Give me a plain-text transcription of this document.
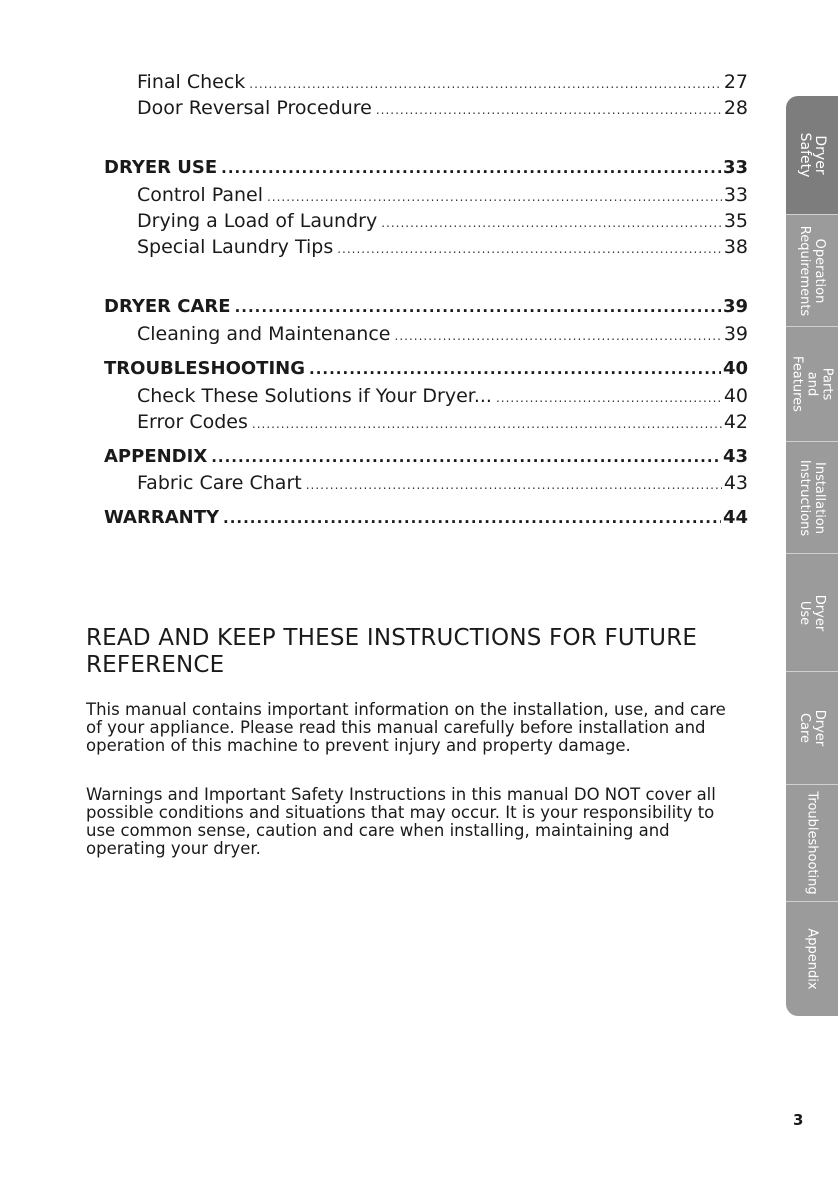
Final Check .....	27
Door Reversal Procedure .....	28
DRYER USE .....	33
Control Panel .....	33
Drying a Load of Laundry .....	35
Special Laundry Tips .....	38
DRYER CARE .....	39
Cleaning and Maintenance .....	39
TROUBLESHOOTING .....	40
Check These Solutions if Your Dryer... .....	40
Error Codes .....	42
APPENDIX .....	43
Fabric Care Chart .....	43
WARRANTY .....	44
READ AND KEEP THESE INSTRUCTIONS FOR FUTURE REFERENCE
This manual contains important information on the installation, use, and care of your appliance. Please read this manual carefully before installation and operation of this machine to prevent injury and property damage.
Warnings and Important Safety Instructions in this manual DO NOT cover all possible conditions and situations that may occur. It is your responsibility to use common sense, caution and care when installing, maintaining and operating your dryer.
Dryer
Safety
Operation
Requirements
Parts and
Features
Installation
Instructions
Dryer Use
Dryer Care
Troubleshooting
Appendix
3
